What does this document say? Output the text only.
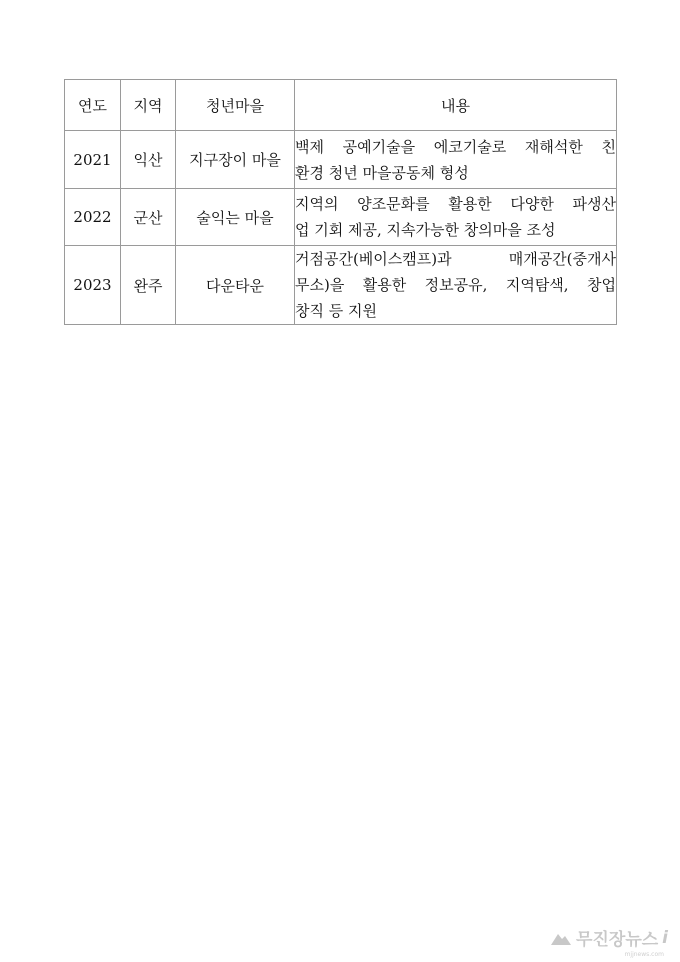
연도	지역	청년마을	내용
2021	익산	지구장이 마을	백제 공예기술을 에코기술로 재해석한 친
환경 청년 마을공동체 형성

2022	군산	술익는 마을	지역의 양조문화를 활용한 다양한 파생산
업 기회 제공, 지속가능한 창의마을 조성

2023	완주	다운타운	거점공간(베이스캠프)과 매개공간(중개사
무소)을 활용한 정보공유, 지역탐색, 창업
창직 등 지원
무진장뉴스 i
mjjnews.com
